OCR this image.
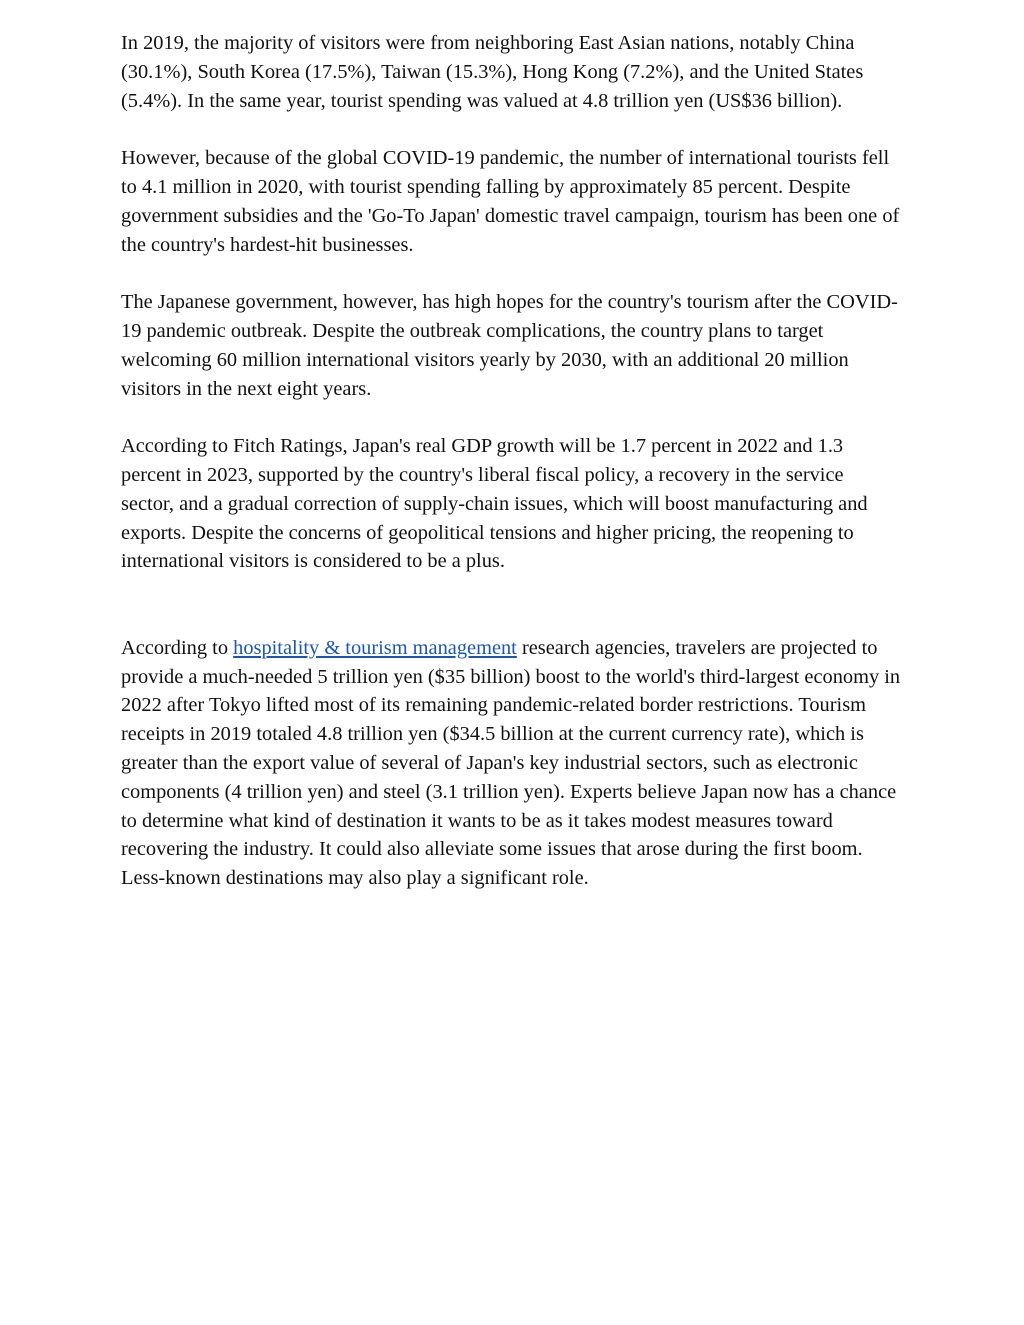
In 2019, the majority of visitors were from neighboring East Asian nations, notably China (30.1%), South Korea (17.5%), Taiwan (15.3%), Hong Kong (7.2%), and the United States (5.4%). In the same year, tourist spending was valued at 4.8 trillion yen (US$36 billion).

However, because of the global COVID-19 pandemic, the number of international tourists fell to 4.1 million in 2020, with tourist spending falling by approximately 85 percent. Despite government subsidies and the 'Go-To Japan' domestic travel campaign, tourism has been one of the country's hardest-hit businesses.

The Japanese government, however, has high hopes for the country's tourism after the COVID-19 pandemic outbreak. Despite the outbreak complications, the country plans to target welcoming 60 million international visitors yearly by 2030, with an additional 20 million visitors in the next eight years.

According to Fitch Ratings, Japan's real GDP growth will be 1.7 percent in 2022 and 1.3 percent in 2023, supported by the country's liberal fiscal policy, a recovery in the service sector, and a gradual correction of supply-chain issues, which will boost manufacturing and exports. Despite the concerns of geopolitical tensions and higher pricing, the reopening to international visitors is considered to be a plus.

According to hospitality & tourism management research agencies, travelers are projected to provide a much-needed 5 trillion yen ($35 billion) boost to the world's third-largest economy in 2022 after Tokyo lifted most of its remaining pandemic-related border restrictions. Tourism receipts in 2019 totaled 4.8 trillion yen ($34.5 billion at the current currency rate), which is greater than the export value of several of Japan's key industrial sectors, such as electronic components (4 trillion yen) and steel (3.1 trillion yen). Experts believe Japan now has a chance to determine what kind of destination it wants to be as it takes modest measures toward recovering the industry. It could also alleviate some issues that arose during the first boom. Less-known destinations may also play a significant role.
